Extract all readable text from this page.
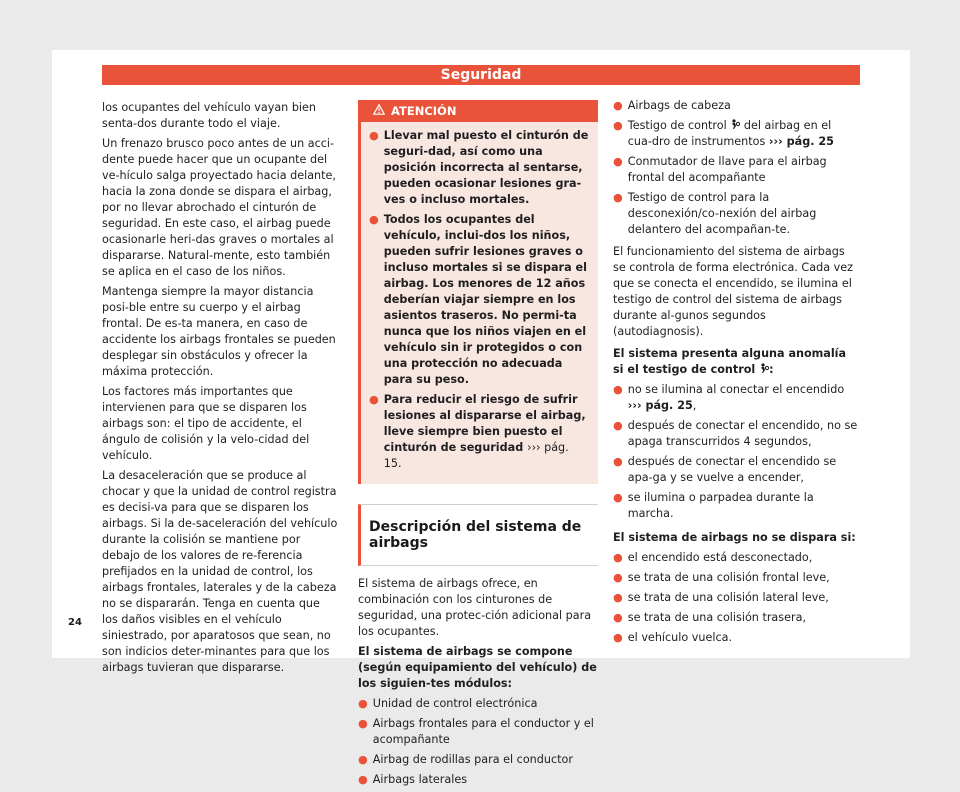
Seguridad

los ocupantes del vehículo vayan bien senta-dos durante todo el viaje.

Un frenazo brusco poco antes de un acci-dente puede hacer que un ocupante del ve-hículo salga proyectado hacia delante, hacia la zona donde se dispara el airbag, por no llevar abrochado el cinturón de seguridad. En este caso, el airbag puede ocasionarle heri-das graves o mortales al dispararse. Natural-mente, esto también se aplica en el caso de los niños.

Mantenga siempre la mayor distancia posi-ble entre su cuerpo y el airbag frontal. De es-ta manera, en caso de accidente los airbags frontales se pueden desplegar sin obstáculos y ofrecer la máxima protección.

Los factores más importantes que intervienen para que se disparen los airbags son: el tipo de accidente, el ángulo de colisión y la velo-cidad del vehículo.

La desaceleración que se produce al chocar y que la unidad de control registra es decisi-va para que se disparen los airbags. Si la de-saceleración del vehículo durante la colisión se mantiene por debajo de los valores de re-ferencia prefijados en la unidad de control, los airbags frontales, laterales y de la cabeza no se dispararán. Tenga en cuenta que los daños visibles en el vehículo siniestrado, por aparatosos que sean, no son indicios deter-minantes para que los airbags tuvieran que dispararse.

ATENCIÓN
● Llevar mal puesto el cinturón de seguri-dad, así como una posición incorrecta al sentarse, pueden ocasionar lesiones gra-ves o incluso mortales.
● Todos los ocupantes del vehículo, inclui-dos los niños, pueden sufrir lesiones graves o incluso mortales si se dispara el airbag. Los menores de 12 años deberían viajar siempre en los asientos traseros. No permi-ta nunca que los niños viajen en el vehículo sin ir protegidos o con una protección no adecuada para su peso.
● Para reducir el riesgo de sufrir lesiones al dispararse el airbag, lleve siempre bien puesto el cinturón de seguridad ››› pág. 15.
Descripción del sistema de airbags

El sistema de airbags ofrece, en combinación con los cinturones de seguridad, una protec-ción adicional para los ocupantes.

El sistema de airbags se compone (según equipamiento del vehículo) de los siguien-tes módulos:

● Unidad de control electrónica
● Airbags frontales para el conductor y el acompañante
● Airbag de rodillas para el conductor
● Airbags laterales
● Airbags de cabeza
● Testigo de control del airbag en el cua-dro de instrumentos ››› pág. 25
● Conmutador de llave para el airbag frontal del acompañante
● Testigo de control para la desconexión/co-nexión del airbag delantero del acompañan-te.

El funcionamiento del sistema de airbags se controla de forma electrónica. Cada vez que se conecta el encendido, se ilumina el testigo de control del sistema de airbags durante al-gunos segundos (autodiagnosis).

El sistema presenta alguna anomalía si el testigo de control :

● no se ilumina al conectar el encendido ››› pág. 25,
● después de conectar el encendido, no se apaga transcurridos 4 segundos,
● después de conectar el encendido se apa-ga y se vuelve a encender,
● se ilumina o parpadea durante la marcha.

El sistema de airbags no se dispara si:

● el encendido está desconectado,
● se trata de una colisión frontal leve,
● se trata de una colisión lateral leve,
● se trata de una colisión trasera,
● el vehículo vuelca.
24
